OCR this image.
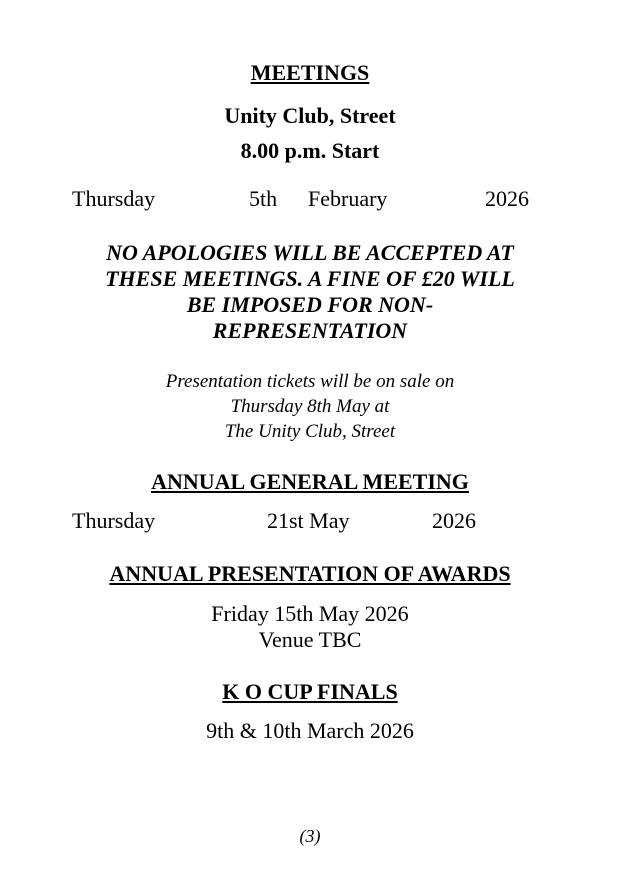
MEETINGS
Unity Club, Street
8.00 p.m. Start
Thursday	5th February	2026
NO APOLOGIES WILL BE ACCEPTED AT
THESE MEETINGS. A FINE OF £20 WILL
BE IMPOSED FOR NON-
REPRESENTATION
Presentation tickets will be on sale on
Thursday 8th May at
The Unity Club, Street
ANNUAL GENERAL MEETING
Thursday	21st May	2026
ANNUAL PRESENTATION OF AWARDS
Friday 15th May 2026
Venue TBC
K O CUP FINALS
9th & 10th March 2026
(3)
